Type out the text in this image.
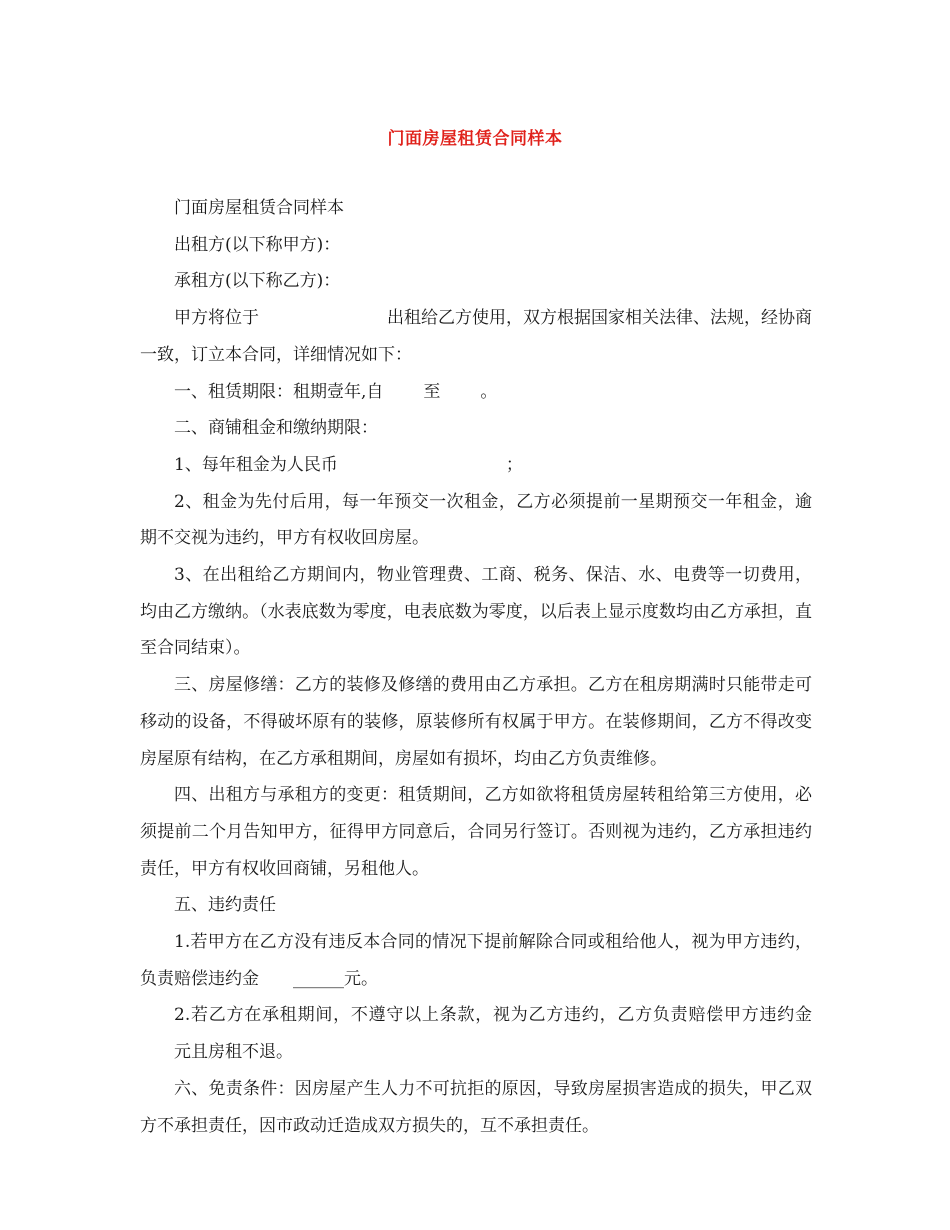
门面房屋租赁合同样本

门面房屋租赁合同样本

出租方(以下称甲方)：

承租方(以下称乙方)：

甲方将位于	出租给乙方使用，双方根据国家相关法律、法规，经协商一致，订立本合同，详细情况如下：

一、租赁期限：租期壹年,自 至 。

二、商铺租金和缴纳期限：

1、每年租金为人民币	；

2、租金为先付后用，每一年预交一次租金，乙方必须提前一星期预交一年租金，逾期不交视为违约，甲方有权收回房屋。

3、在出租给乙方期间内，物业管理费、工商、税务、保洁、水、电费等一切费用，均由乙方缴纳。（水表底数为零度，电表底数为零度，以后表上显示度数均由乙方承担，直至合同结束）。

三、房屋修缮：乙方的装修及修缮的费用由乙方承担。乙方在租房期满时只能带走可移动的设备，不得破坏原有的装修，原装修所有权属于甲方。在装修期间，乙方不得改变房屋原有结构，在乙方承租期间，房屋如有损坏，均由乙方负责维修。

四、出租方与承租方的变更：租赁期间，乙方如欲将租赁房屋转租给第三方使用，必须提前二个月告知甲方，征得甲方同意后，合同另行签订。否则视为违约，乙方承担违约责任，甲方有权收回商铺，另租他人。

五、违约责任

1.若甲方在乙方没有违反本合同的情况下提前解除合同或租给他人，视为甲方违约，负责赔偿违约金 ______元。

2.若乙方在承租期间，不遵守以上条款，视为乙方违约，乙方负责赔偿甲方违约金元且房租不退。

六、免责条件：因房屋产生人力不可抗拒的原因，导致房屋损害造成的损失，甲乙双方不承担责任，因市政动迁造成双方损失的，互不承担责任。
